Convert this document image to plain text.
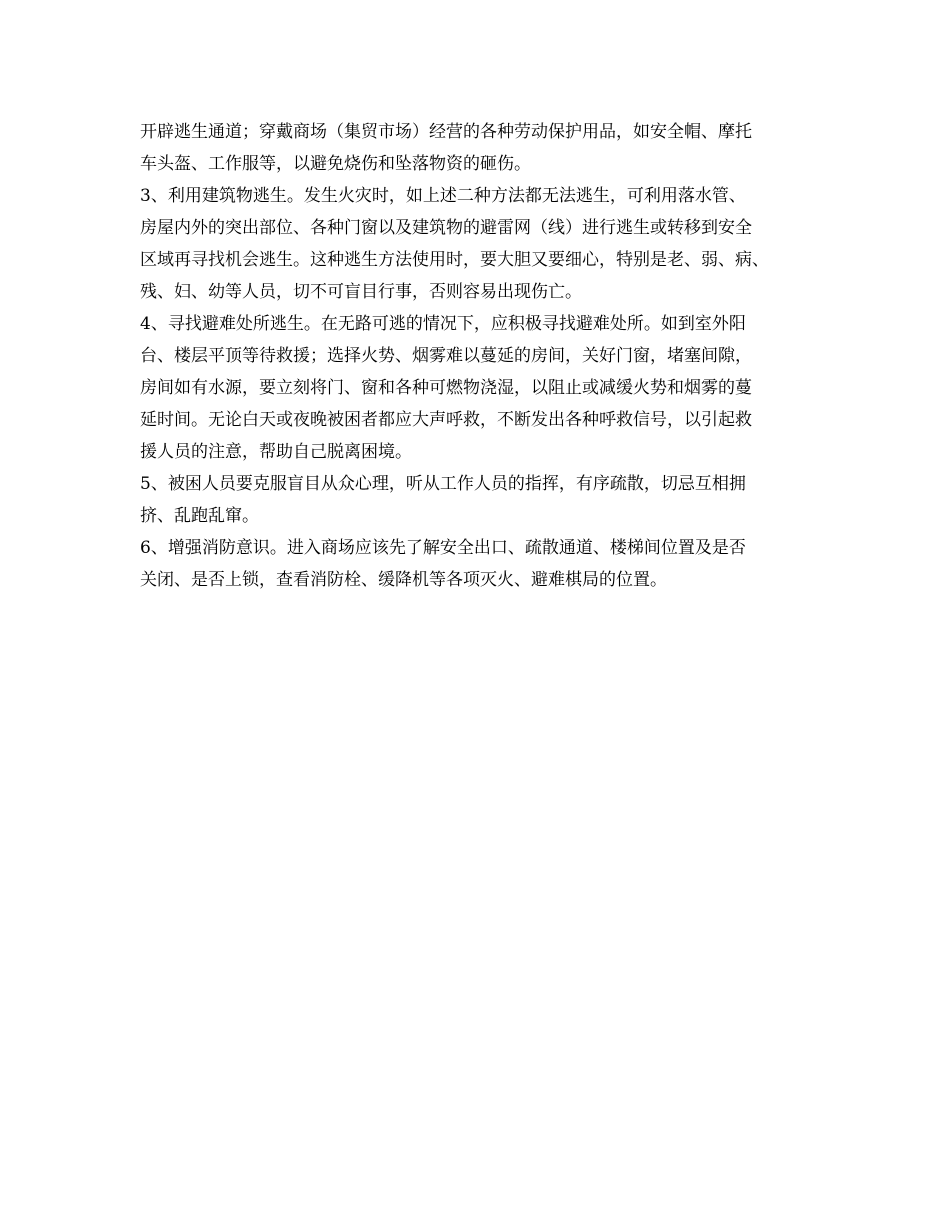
开辟逃生通道；穿戴商场（集贸市场）经营的各种劳动保护用品，如安全帽、摩托

车头盔、工作服等，以避免烧伤和坠落物资的砸伤。

3、利用建筑物逃生。发生火灾时，如上述二种方法都无法逃生，可利用落水管、

房屋内外的突出部位、各种门窗以及建筑物的避雷网（线）进行逃生或转移到安全

区域再寻找机会逃生。这种逃生方法使用时，要大胆又要细心，特别是老、弱、病、

残、妇、幼等人员，切不可盲目行事，否则容易出现伤亡。

4、寻找避难处所逃生。在无路可逃的情况下，应积极寻找避难处所。如到室外阳

台、楼层平顶等待救援；选择火势、烟雾难以蔓延的房间，关好门窗，堵塞间隙，

房间如有水源，要立刻将门、窗和各种可燃物浇湿，以阻止或减缓火势和烟雾的蔓

延时间。无论白天或夜晚被困者都应大声呼救，不断发出各种呼救信号，以引起救

援人员的注意，帮助自己脱离困境。

5、被困人员要克服盲目从众心理，听从工作人员的指挥，有序疏散，切忌互相拥

挤、乱跑乱窜。

6、增强消防意识。进入商场应该先了解安全出口、疏散通道、楼梯间位置及是否

关闭、是否上锁，查看消防栓、缓降机等各项灭火、避难棋局的位置。
